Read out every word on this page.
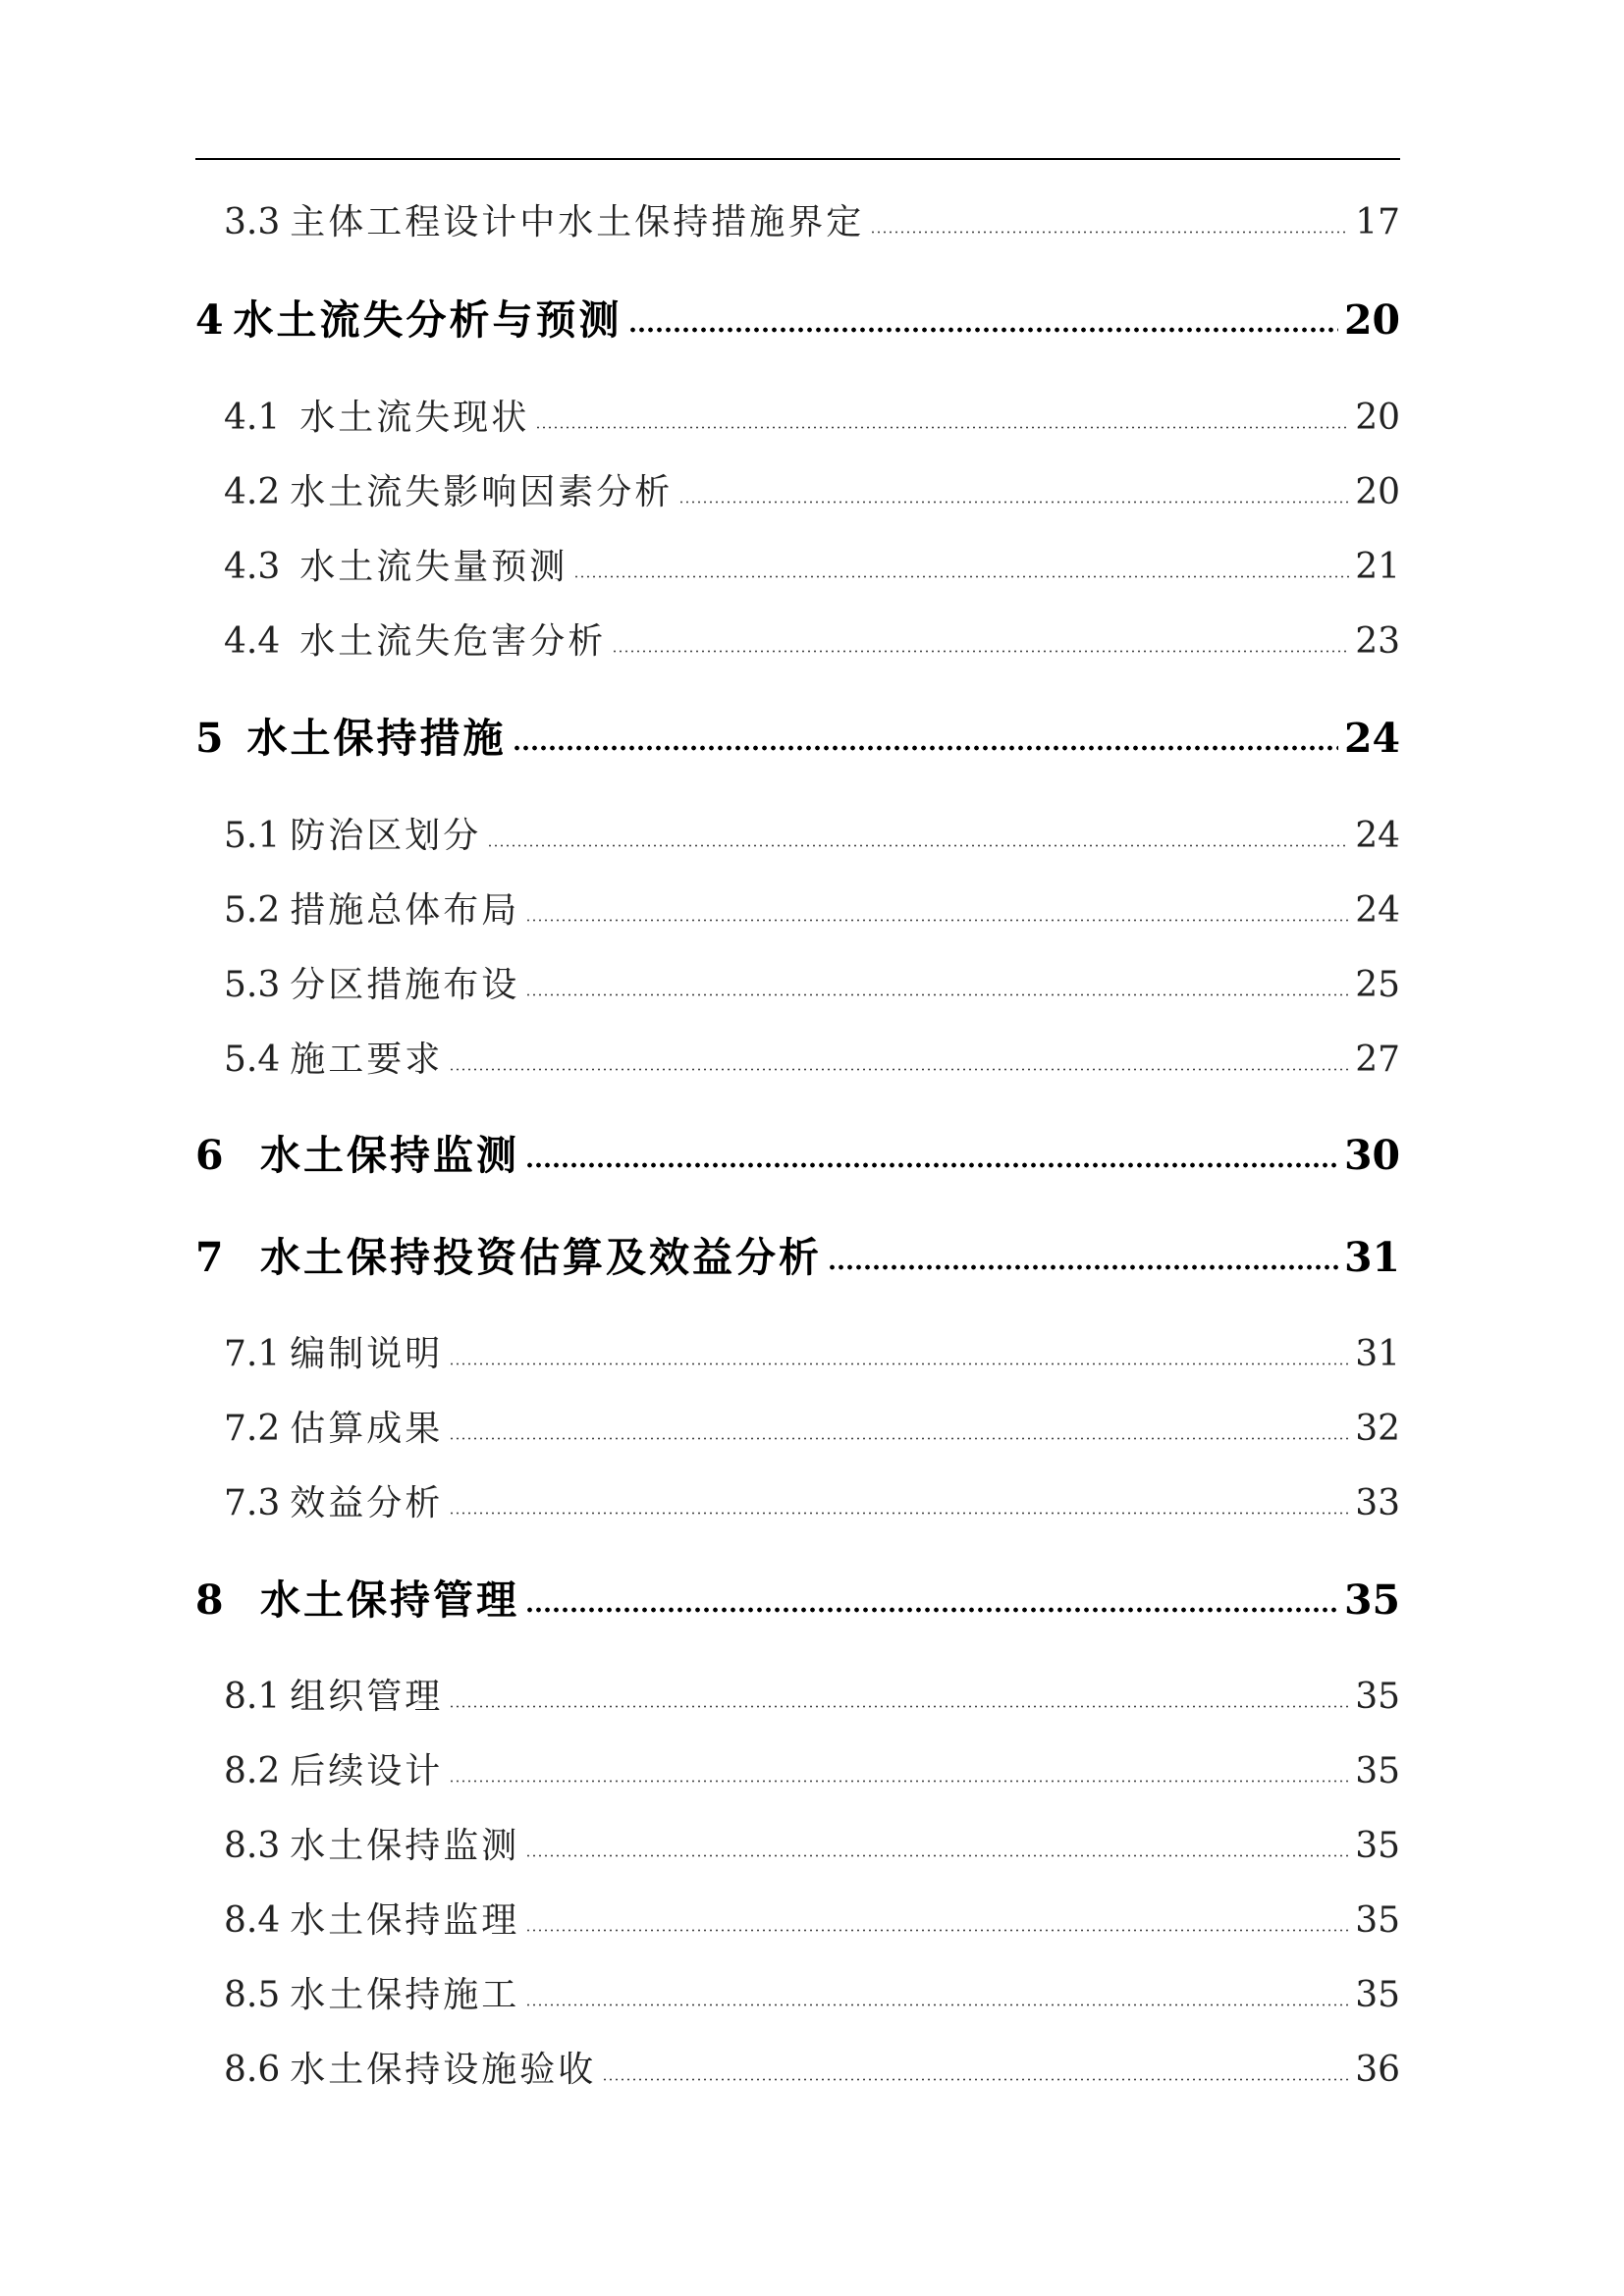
3.3 主体工程设计中水土保持措施界定	17
4 水土流失分析与预测	20
4.1 水土流失现状	20
4.2 水土流失影响因素分析	20
4.3 水土流失量预测	21
4.4 水土流失危害分析	23
5 水土保持措施	24
5.1 防治区划分	24
5.2 措施总体布局	24
5.3 分区措施布设	25
5.4 施工要求	27
6 水土保持监测	30
7 水土保持投资估算及效益分析	31
7.1 编制说明	31
7.2 估算成果	32
7.3 效益分析	33
8 水土保持管理	35
8.1 组织管理	35
8.2 后续设计	35
8.3 水土保持监测	35
8.4 水土保持监理	35
8.5 水土保持施工	35
8.6 水土保持设施验收	36
